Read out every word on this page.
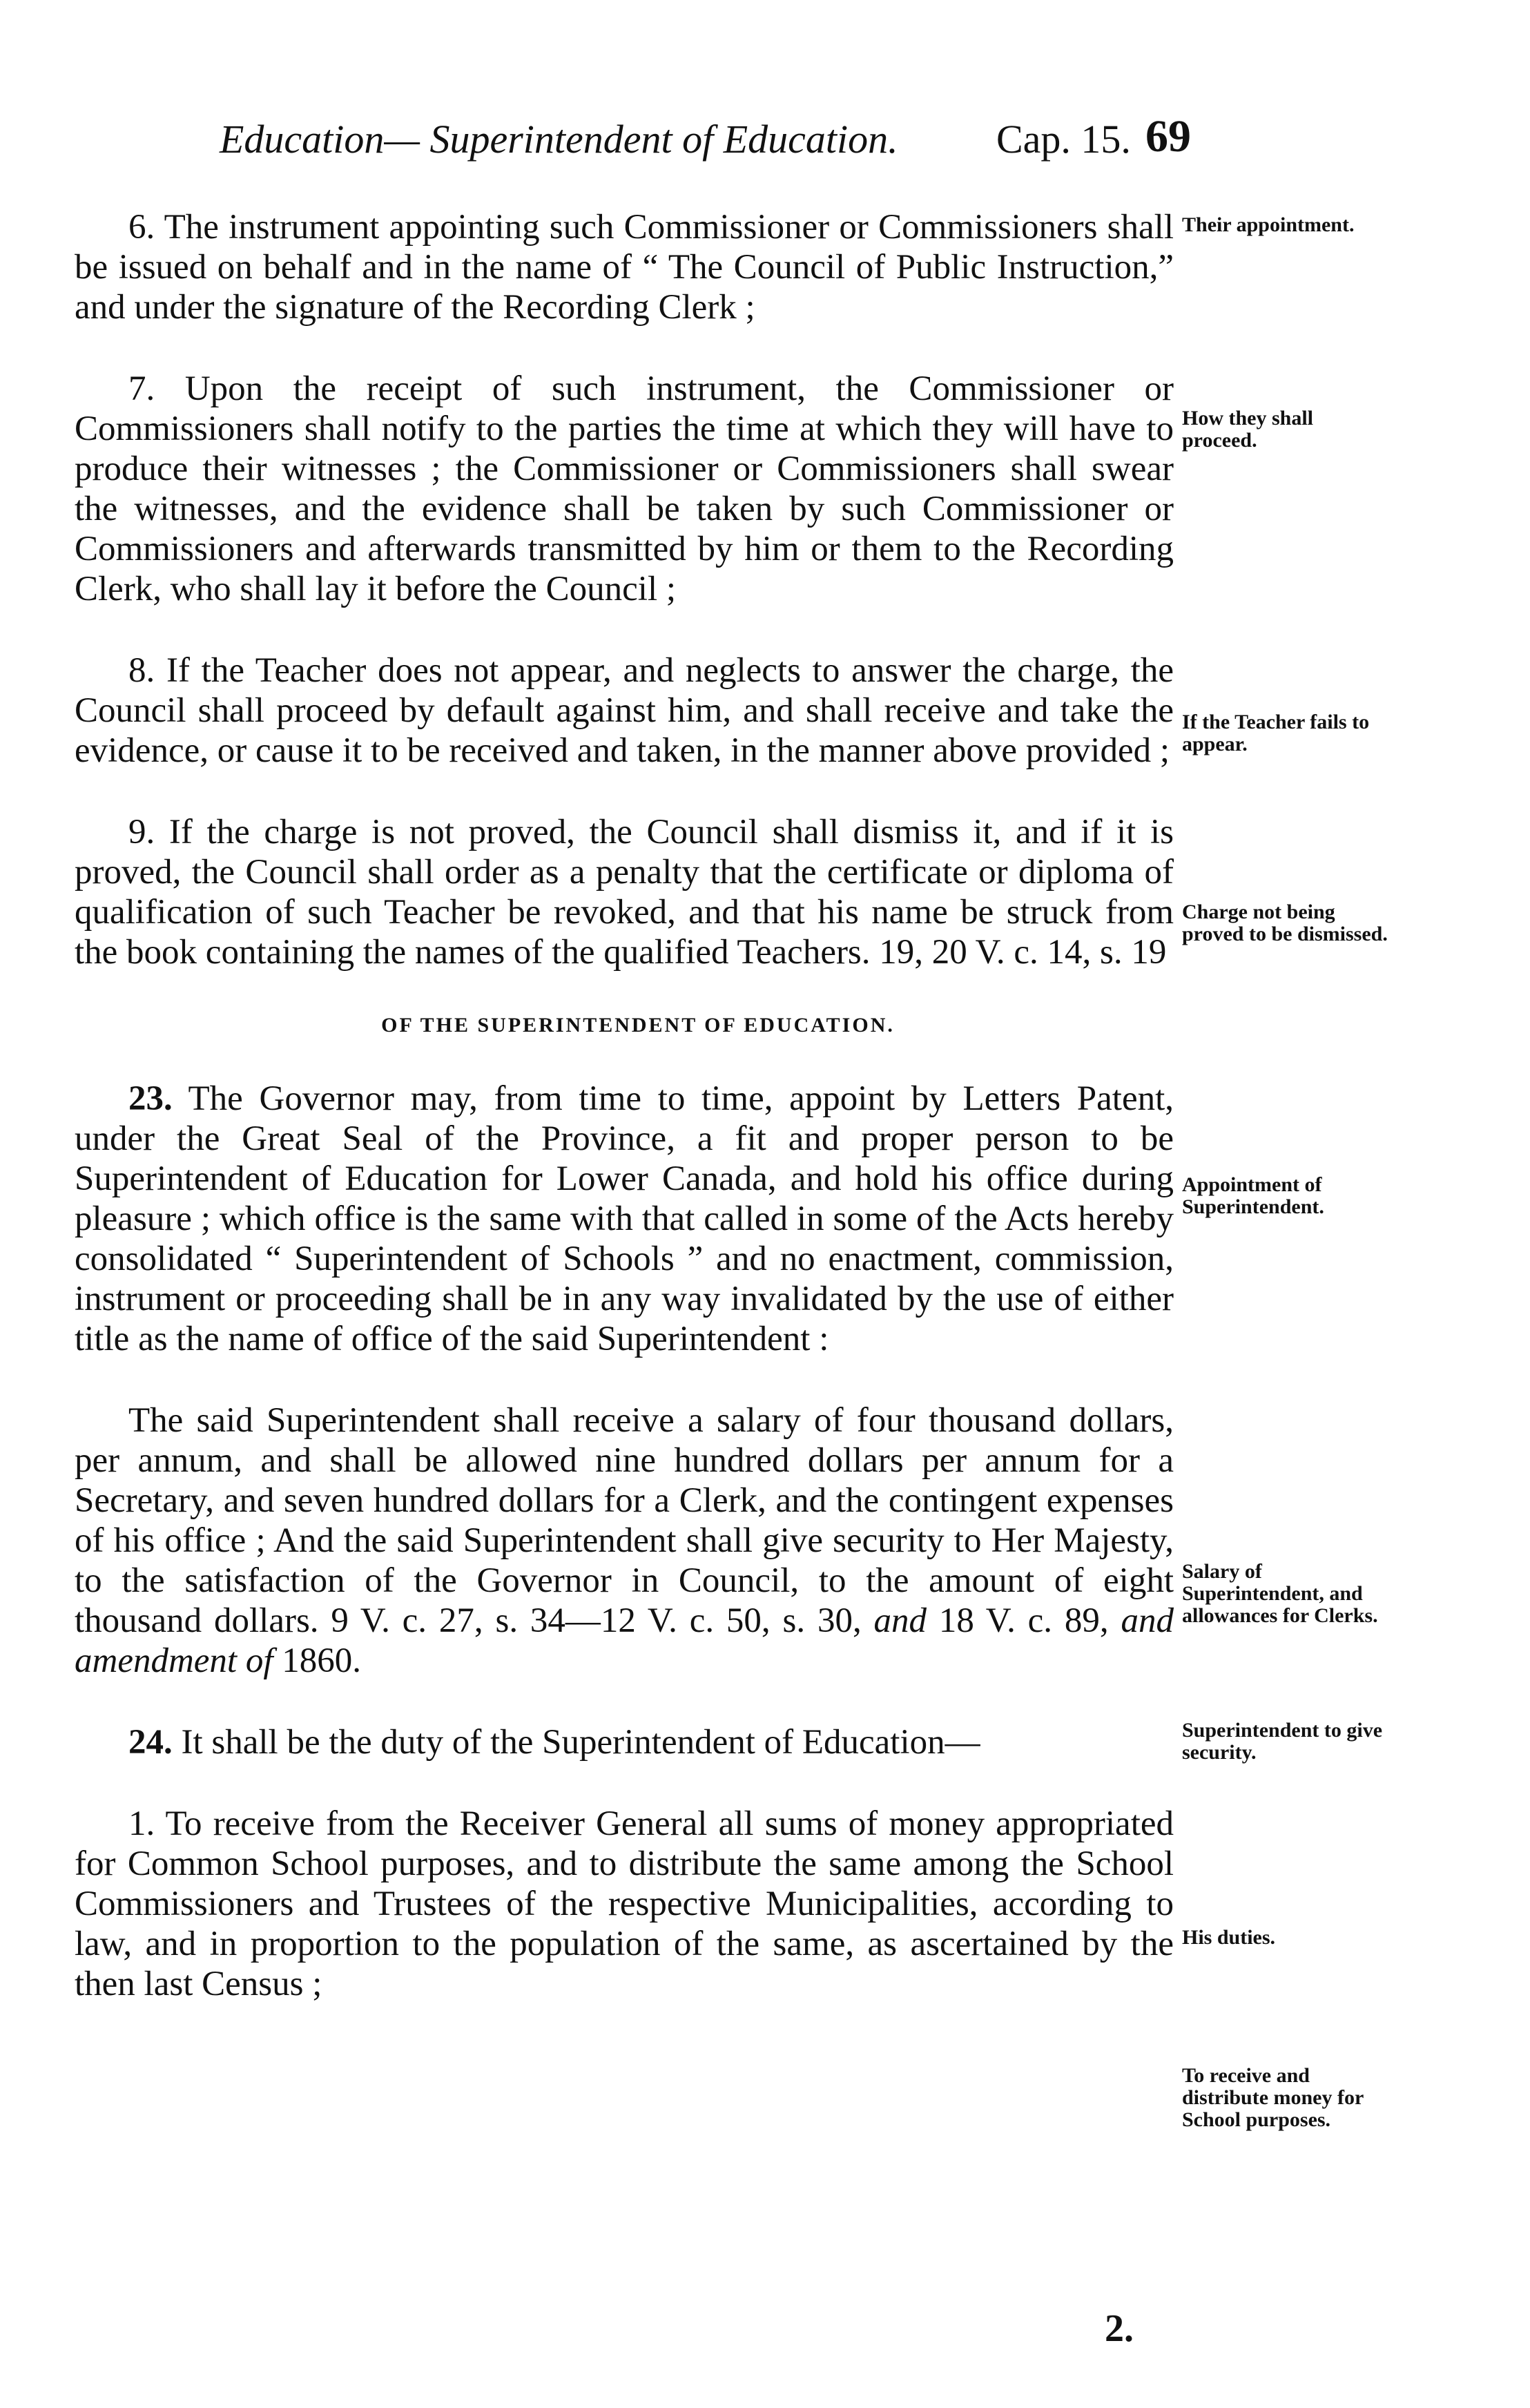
Education— Superintendent of Education. Cap. 15. 69
Their appointment.
How they shall proceed.
If the Teacher fails to appear.
Charge not being proved to be dismissed.
Appointment of Superintendent.
Salary of Superintendent, and allowances for Clerks.
Superintendent to give security.
His duties.
To receive and distribute money for School purposes.

6. The instrument appointing such Commissioner or Commissioners shall be issued on behalf and in the name of “ The Council of Public Instruction,” and under the signature of the Recording Clerk ;

7. Upon the receipt of such instrument, the Commissioner or Commissioners shall notify to the parties the time at which they will have to produce their witnesses ; the Commissioner or Commissioners shall swear the witnesses, and the evidence shall be taken by such Commissioner or Commissioners and afterwards transmitted by him or them to the Recording Clerk, who shall lay it before the Council ;

8. If the Teacher does not appear, and neglects to answer the charge, the Council shall proceed by default against him, and shall receive and take the evidence, or cause it to be received and taken, in the manner above provided ;

9. If the charge is not proved, the Council shall dismiss it, and if it is proved, the Council shall order as a penalty that the certificate or diploma of qualification of such Teacher be revoked, and that his name be struck from the book containing the names of the qualified Teachers. 19, 20 V. c. 14, s. 19

OF THE SUPERINTENDENT OF EDUCATION.

23. The Governor may, from time to time, appoint by Letters Patent, under the Great Seal of the Province, a fit and proper person to be Superintendent of Education for Lower Canada, and hold his office during pleasure ; which office is the same with that called in some of the Acts hereby consolidated “ Superintendent of Schools ” and no enactment, commission, instrument or proceeding shall be in any way invalidated by the use of either title as the name of office of the said Superintendent :

The said Superintendent shall receive a salary of four thousand dollars, per annum, and shall be allowed nine hundred dollars per annum for a Secretary, and seven hundred dollars for a Clerk, and the contingent expenses of his office ; And the said Superintendent shall give security to Her Majesty, to the satisfaction of the Governor in Council, to the amount of eight thousand dollars. 9 V. c. 27, s. 34—12 V. c. 50, s. 30, and 18 V. c. 89, and amendment of 1860.

24. It shall be the duty of the Superintendent of Education—

1. To receive from the Receiver General all sums of money appropriated for Common School purposes, and to distribute the same among the School Commissioners and Trustees of the respective Municipalities, according to law, and in proportion to the population of the same, as ascertained by the then last Census ;

2.
